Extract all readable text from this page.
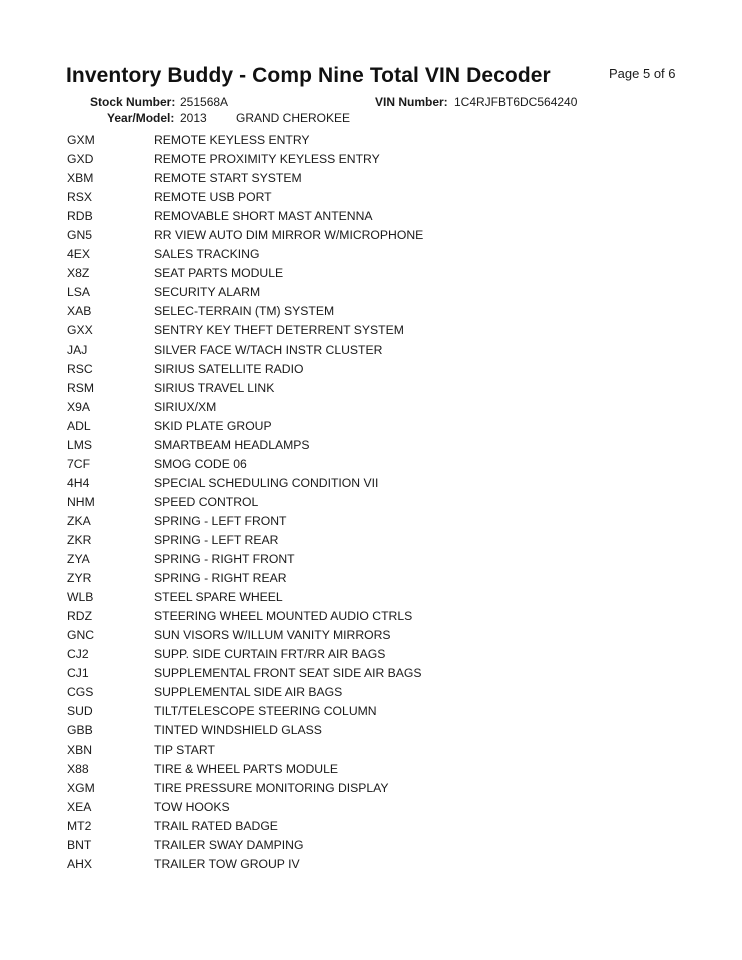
Inventory Buddy - Comp Nine Total VIN Decoder	Page 5 of 6
Stock Number: 251568A	VIN Number: 1C4RJFBT6DC564240
Year/Model: 2013 GRAND CHEROKEE
GXM	REMOTE KEYLESS ENTRY
GXD	REMOTE PROXIMITY KEYLESS ENTRY
XBM	REMOTE START SYSTEM
RSX	REMOTE USB PORT
RDB	REMOVABLE SHORT MAST ANTENNA
GN5	RR VIEW AUTO DIM MIRROR W/MICROPHONE
4EX	SALES TRACKING
X8Z	SEAT PARTS MODULE
LSA	SECURITY ALARM
XAB	SELEC-TERRAIN (TM) SYSTEM
GXX	SENTRY KEY THEFT DETERRENT SYSTEM
JAJ	SILVER FACE W/TACH INSTR CLUSTER
RSC	SIRIUS SATELLITE RADIO
RSM	SIRIUS TRAVEL LINK
X9A	SIRIUX/XM
ADL	SKID PLATE GROUP
LMS	SMARTBEAM HEADLAMPS
7CF	SMOG CODE 06
4H4	SPECIAL SCHEDULING CONDITION VII
NHM	SPEED CONTROL
ZKA	SPRING - LEFT FRONT
ZKR	SPRING - LEFT REAR
ZYA	SPRING - RIGHT FRONT
ZYR	SPRING - RIGHT REAR
WLB	STEEL SPARE WHEEL
RDZ	STEERING WHEEL MOUNTED AUDIO CTRLS
GNC	SUN VISORS W/ILLUM VANITY MIRRORS
CJ2	SUPP. SIDE CURTAIN FRT/RR AIR BAGS
CJ1	SUPPLEMENTAL FRONT SEAT SIDE AIR BAGS
CGS	SUPPLEMENTAL SIDE AIR BAGS
SUD	TILT/TELESCOPE STEERING COLUMN
GBB	TINTED WINDSHIELD GLASS
XBN	TIP START
X88	TIRE & WHEEL PARTS MODULE
XGM	TIRE PRESSURE MONITORING DISPLAY
XEA	TOW HOOKS
MT2	TRAIL RATED BADGE
BNT	TRAILER SWAY DAMPING
AHX	TRAILER TOW GROUP IV
